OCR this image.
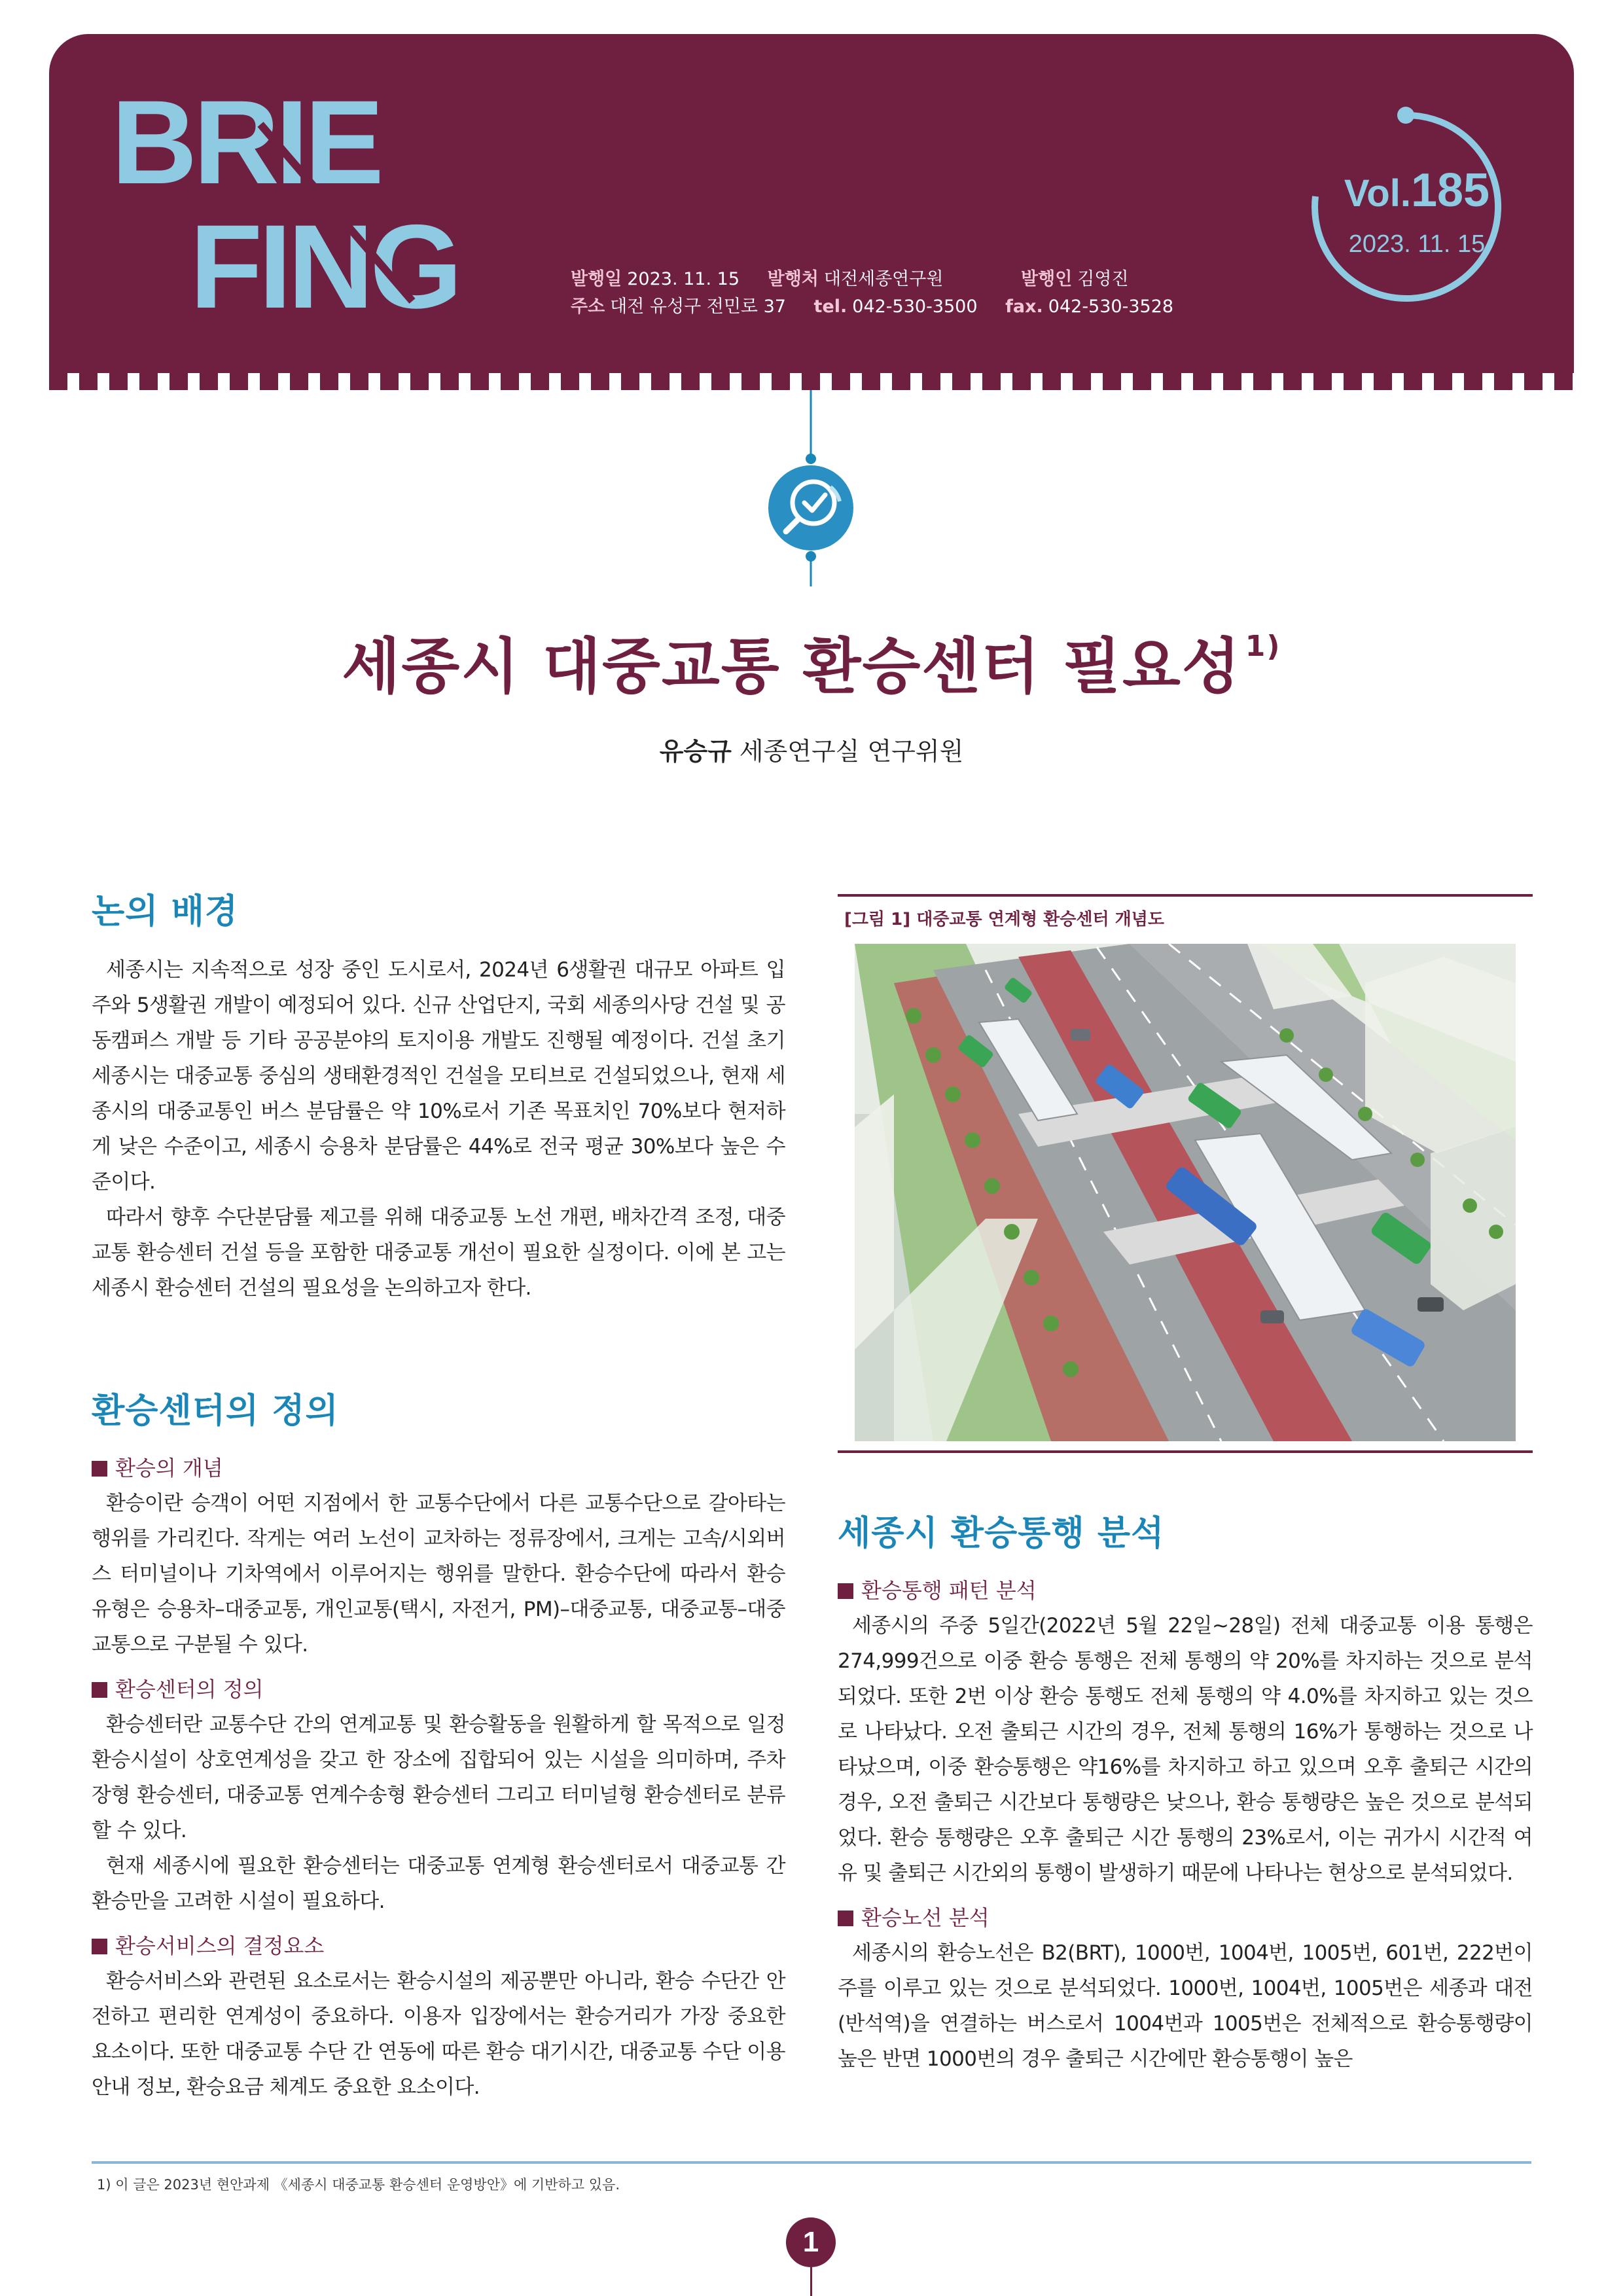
BRIE
FING	발행일 2023. 11. 15 발행처 대전세종연구원	발행인 김영진
주소 대전 유성구 전민로 37 tel. 042-530-3500 fax. 042-530-3528
Vol.185
2023. 11. 15
세종시 대중교통 환승센터 필요성 $^{1)}$
유승규 세종연구실 연구위원
논의 배경

세종시는 지속적으로 성장 중인 도시로서, 2024년 6생활권 대규모 아파트 입주와 5생활권 개발이 예정되어 있다. 신규 산업단지, 국회 세종의사당 건설 및 공동캠퍼스 개발 등 기타 공공분야의 토지이용 개발도 진행될 예정이다. 건설 초기 세종시는 대중교통 중심의 생태환경적인 건설을 모티브로 건설되었으나, 현재 세종시의 대중교통인 버스 분담률은 약 10%로서 기존 목표치인 70%보다 현저하게 낮은 수준이고, 세종시 승용차 분담률은 44%로 전국 평균 30%보다 높은 수준이다.

따라서 향후 수단분담률 제고를 위해 대중교통 노선 개편, 배차간격 조정, 대중교통 환승센터 건설 등을 포함한 대중교통 개선이 필요한 실정이다. 이에 본 고는 세종시 환승센터 건설의 필요성을 논의하고자 한다.

환승센터의 정의
환승의 개념

환승이란 승객이 어떤 지점에서 한 교통수단에서 다른 교통수단으로 갈아타는 행위를 가리킨다. 작게는 여러 노선이 교차하는 정류장에서, 크게는 고속/시외버스 터미널이나 기차역에서 이루어지는 행위를 말한다. 환승수단에 따라서 환승 유형은 승용차–대중교통, 개인교통(택시, 자전거, PM)–대중교통, 대중교통–대중교통으로 구분될 수 있다.

환승센터의 정의

환승센터란 교통수단 간의 연계교통 및 환승활동을 원활하게 할 목적으로 일정 환승시설이 상호연계성을 갖고 한 장소에 집합되어 있는 시설을 의미하며, 주차장형 환승센터, 대중교통 연계수송형 환승센터 그리고 터미널형 환승센터로 분류할 수 있다.

현재 세종시에 필요한 환승센터는 대중교통 연계형 환승센터로서 대중교통 간 환승만을 고려한 시설이 필요하다.

환승서비스의 결정요소

환승서비스와 관련된 요소로서는 환승시설의 제공뿐만 아니라, 환승 수단간 안전하고 편리한 연계성이 중요하다. 이용자 입장에서는 환승거리가 가장 중요한 요소이다. 또한 대중교통 수단 간 연동에 따른 환승 대기시간, 대중교통 수단 이용안내 정보, 환승요금 체계도 중요한 요소이다.

[그림 1] 대중교통 연계형 환승센터 개념도
세종시 환승통행 분석
환승통행 패턴 분석

세종시의 주중 5일간(2022년 5월 22일~28일) 전체 대중교통 이용 통행은 274,999건으로 이중 환승 통행은 전체 통행의 약 20%를 차지하는 것으로 분석되었다. 또한 2번 이상 환승 통행도 전체 통행의 약 4.0%를 차지하고 있는 것으로 나타났다. 오전 출퇴근 시간의 경우, 전체 통행의 16%가 통행하는 것으로 나타났으며, 이중 환승통행은 약16%를 차지하고 하고 있으며 오후 출퇴근 시간의 경우, 오전 출퇴근 시간보다 통행량은 낮으나, 환승 통행량은 높은 것으로 분석되었다. 환승 통행량은 오후 출퇴근 시간 통행의 23%로서, 이는 귀가시 시간적 여유 및 출퇴근 시간외의 통행이 발생하기 때문에 나타나는 현상으로 분석되었다.

환승노선 분석

세종시의 환승노선은 B2(BRT), 1000번, 1004번, 1005번, 601번, 222번이 주를 이루고 있는 것으로 분석되었다. 1000번, 1004번, 1005번은 세종과 대전(반석역)을 연결하는 버스로서 1004번과 1005번은 전체적으로 환승통행량이 높은 반면 1000번의 경우 출퇴근 시간에만 환승통행이 높은

1) 이 글은 2023년 현안과제 《세종시 대중교통 환승센터 운영방안》에 기반하고 있음.
1
